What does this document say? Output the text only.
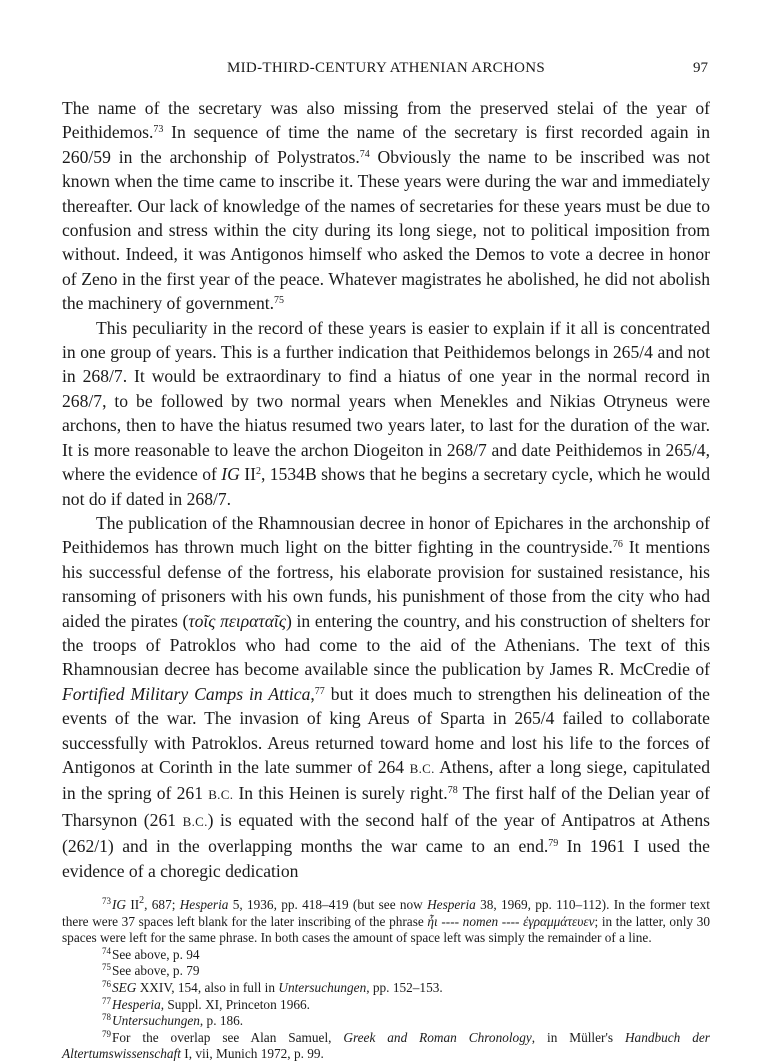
MID-THIRD-CENTURY ATHENIAN ARCHONS	97

The name of the secretary was also missing from the preserved stelai of the year of Peithidemos.$^{73}$ In sequence of time the name of the secretary is first recorded again in 260/59 in the archonship of Polystratos.$^{74}$ Obviously the name to be inscribed was not known when the time came to inscribe it. These years were during the war and immediately thereafter. Our lack of knowledge of the names of secretaries for these years must be due to confusion and stress within the city during its long siege, not to political imposition from without. Indeed, it was Antigonos himself who asked the Demos to vote a decree in honor of Zeno in the first year of the peace. Whatever magistrates he abolished, he did not abolish the machinery of government.$^{75}$

This peculiarity in the record of these years is easier to explain if it all is concentrated in one group of years. This is a further indication that Peithidemos belongs in 265/4 and not in 268/7. It would be extraordinary to find a hiatus of one year in the normal record in 268/7, to be followed by two normal years when Menekles and Nikias Otryneus were archons, then to have the hiatus resumed two years later, to last for the duration of the war. It is more reasonable to leave the archon Diogeiton in 268/7 and date Peithidemos in 265/4, where the evidence of IG $II^2$, 1534B shows that he begins a secretary cycle, which he would not do if dated in 268/7.

The publication of the Rhamnousian decree in honor of Epichares in the archonship of Peithidemos has thrown much light on the bitter fighting in the countryside.$^{76}$ It mentions his successful defense of the fortress, his elaborate provision for sustained resistance, his ransoming of prisoners with his own funds, his punishment of those from the city who had aided the pirates (τοῖς πειραταῖς) in entering the country, and his construction of shelters for the troops of Patroklos who had come to the aid of the Athenians. The text of this Rhamnousian decree has become available since the publication by James R. McCredie of Fortified Military Camps in Attica,$^{77}$ but it does much to strengthen his delineation of the events of the war. The invasion of king Areus of Sparta in 265/4 failed to collaborate successfully with Patroklos. Areus returned toward home and lost his life to the forces of Antigonos at Corinth in the late summer of 264 B.C. Athens, after a long siege, capitulated in the spring of 261 B.C. In this Heinen is surely right.$^{78}$ The first half of the Delian year of Tharsynon (261 B.C.) is equated with the second half of the year of Antipatros at Athens (262/1) and in the overlapping months the war came to an end.$^{79}$ In 1961 I used the evidence of a choregic dedication

$^{73}$IG $II^2$, 687; Hesperia 5, 1936, pp. 418–419 (but see now Hesperia 38, 1969, pp. 110–112). In the former text there were 37 spaces left blank for the later inscribing of the phrase ἦι ---- nomen ---- ἐγραμμάτευεν; in the latter, only 30 spaces were left for the same phrase. In both cases the amount of space left was simply the remainder of a line.

$^{74}$See above, p. 94

$^{75}$See above, p. 79

$^{76}$SEG XXIV, 154, also in full in Untersuchungen, pp. 152–153.

$^{77}$Hesperia, Suppl. XI, Princeton 1966.

$^{78}$Untersuchungen, p. 186.

$^{79}$For the overlap see Alan Samuel, Greek and Roman Chronology, in Müller's Handbuch der Altertumswissenschaft I, vii, Munich 1972, p. 99.
